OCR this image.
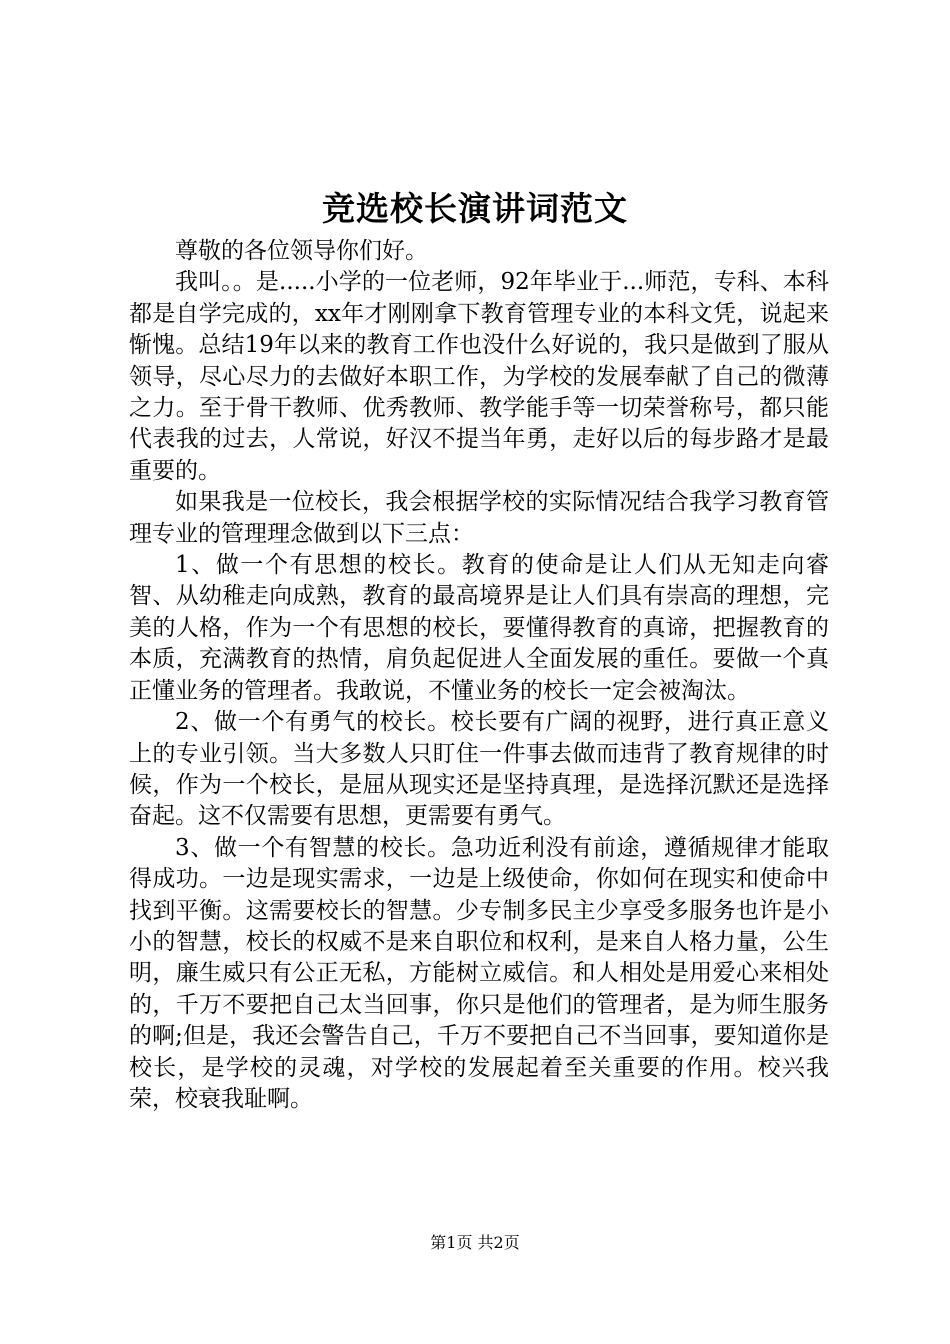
竞选校长演讲词范文

尊敬的各位领导你们好。

我叫。。是.....小学的一位老师，92年毕业于...师范，专科、本科都是自学完成的，xx年才刚刚拿下教育管理专业的本科文凭，说起来惭愧。总结19年以来的教育工作也没什么好说的，我只是做到了服从领导，尽心尽力的去做好本职工作，为学校的发展奉献了自己的微薄之力。至于骨干教师、优秀教师、教学能手等一切荣誉称号，都只能代表我的过去，人常说，好汉不提当年勇，走好以后的每步路才是最重要的。

如果我是一位校长，我会根据学校的实际情况结合我学习教育管理专业的管理理念做到以下三点：

1、做一个有思想的校长。教育的使命是让人们从无知走向睿智、从幼稚走向成熟，教育的最高境界是让人们具有崇高的理想，完美的人格，作为一个有思想的校长，要懂得教育的真谛，把握教育的本质，充满教育的热情，肩负起促进人全面发展的重任。要做一个真正懂业务的管理者。我敢说，不懂业务的校长一定会被淘汰。

2、做一个有勇气的校长。校长要有广阔的视野，进行真正意义上的专业引领。当大多数人只盯住一件事去做而违背了教育规律的时候，作为一个校长，是屈从现实还是坚持真理，是选择沉默还是选择奋起。这不仅需要有思想，更需要有勇气。

3、做一个有智慧的校长。急功近利没有前途，遵循规律才能取得成功。一边是现实需求，一边是上级使命，你如何在现实和使命中找到平衡。这需要校长的智慧。少专制多民主少享受多服务也许是小小的智慧，校长的权威不是来自职位和权利，是来自人格力量，公生明，廉生威只有公正无私，方能树立威信。和人相处是用爱心来相处的，千万不要把自己太当回事，你只是他们的管理者，是为师生服务的啊;但是，我还会警告自己，千万不要把自己不当回事，要知道你是校长，是学校的灵魂，对学校的发展起着至关重要的作用。校兴我荣，校衰我耻啊。

第1页 共2页
